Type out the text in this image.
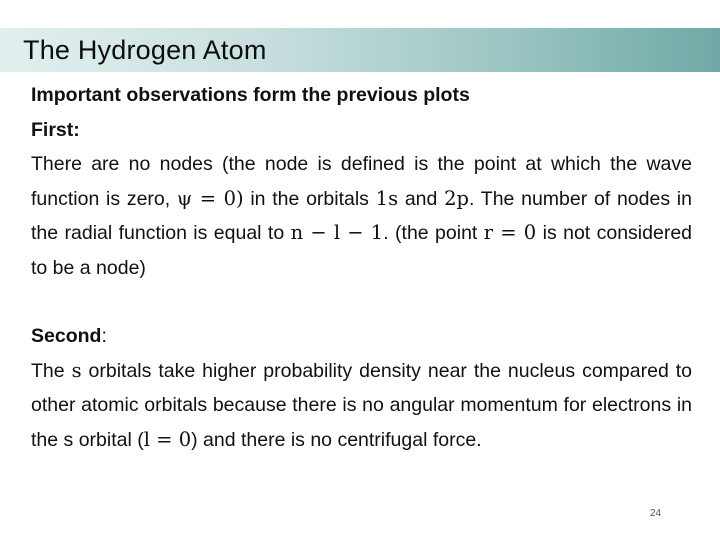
The Hydrogen Atom

Important observations form the previous plots

First:

There are no nodes (the node is defined is the point at which the wave function is zero, ψ = 0) in the orbitals 1s and 2p. The number of nodes in the radial function is equal to n − l − 1. (the point r = 0 is not considered to be a node)

Second:

The s orbitals take higher probability density near the nucleus compared to other atomic orbitals because there is no angular momentum for electrons in the s orbital (l = 0) and there is no centrifugal force.

24
